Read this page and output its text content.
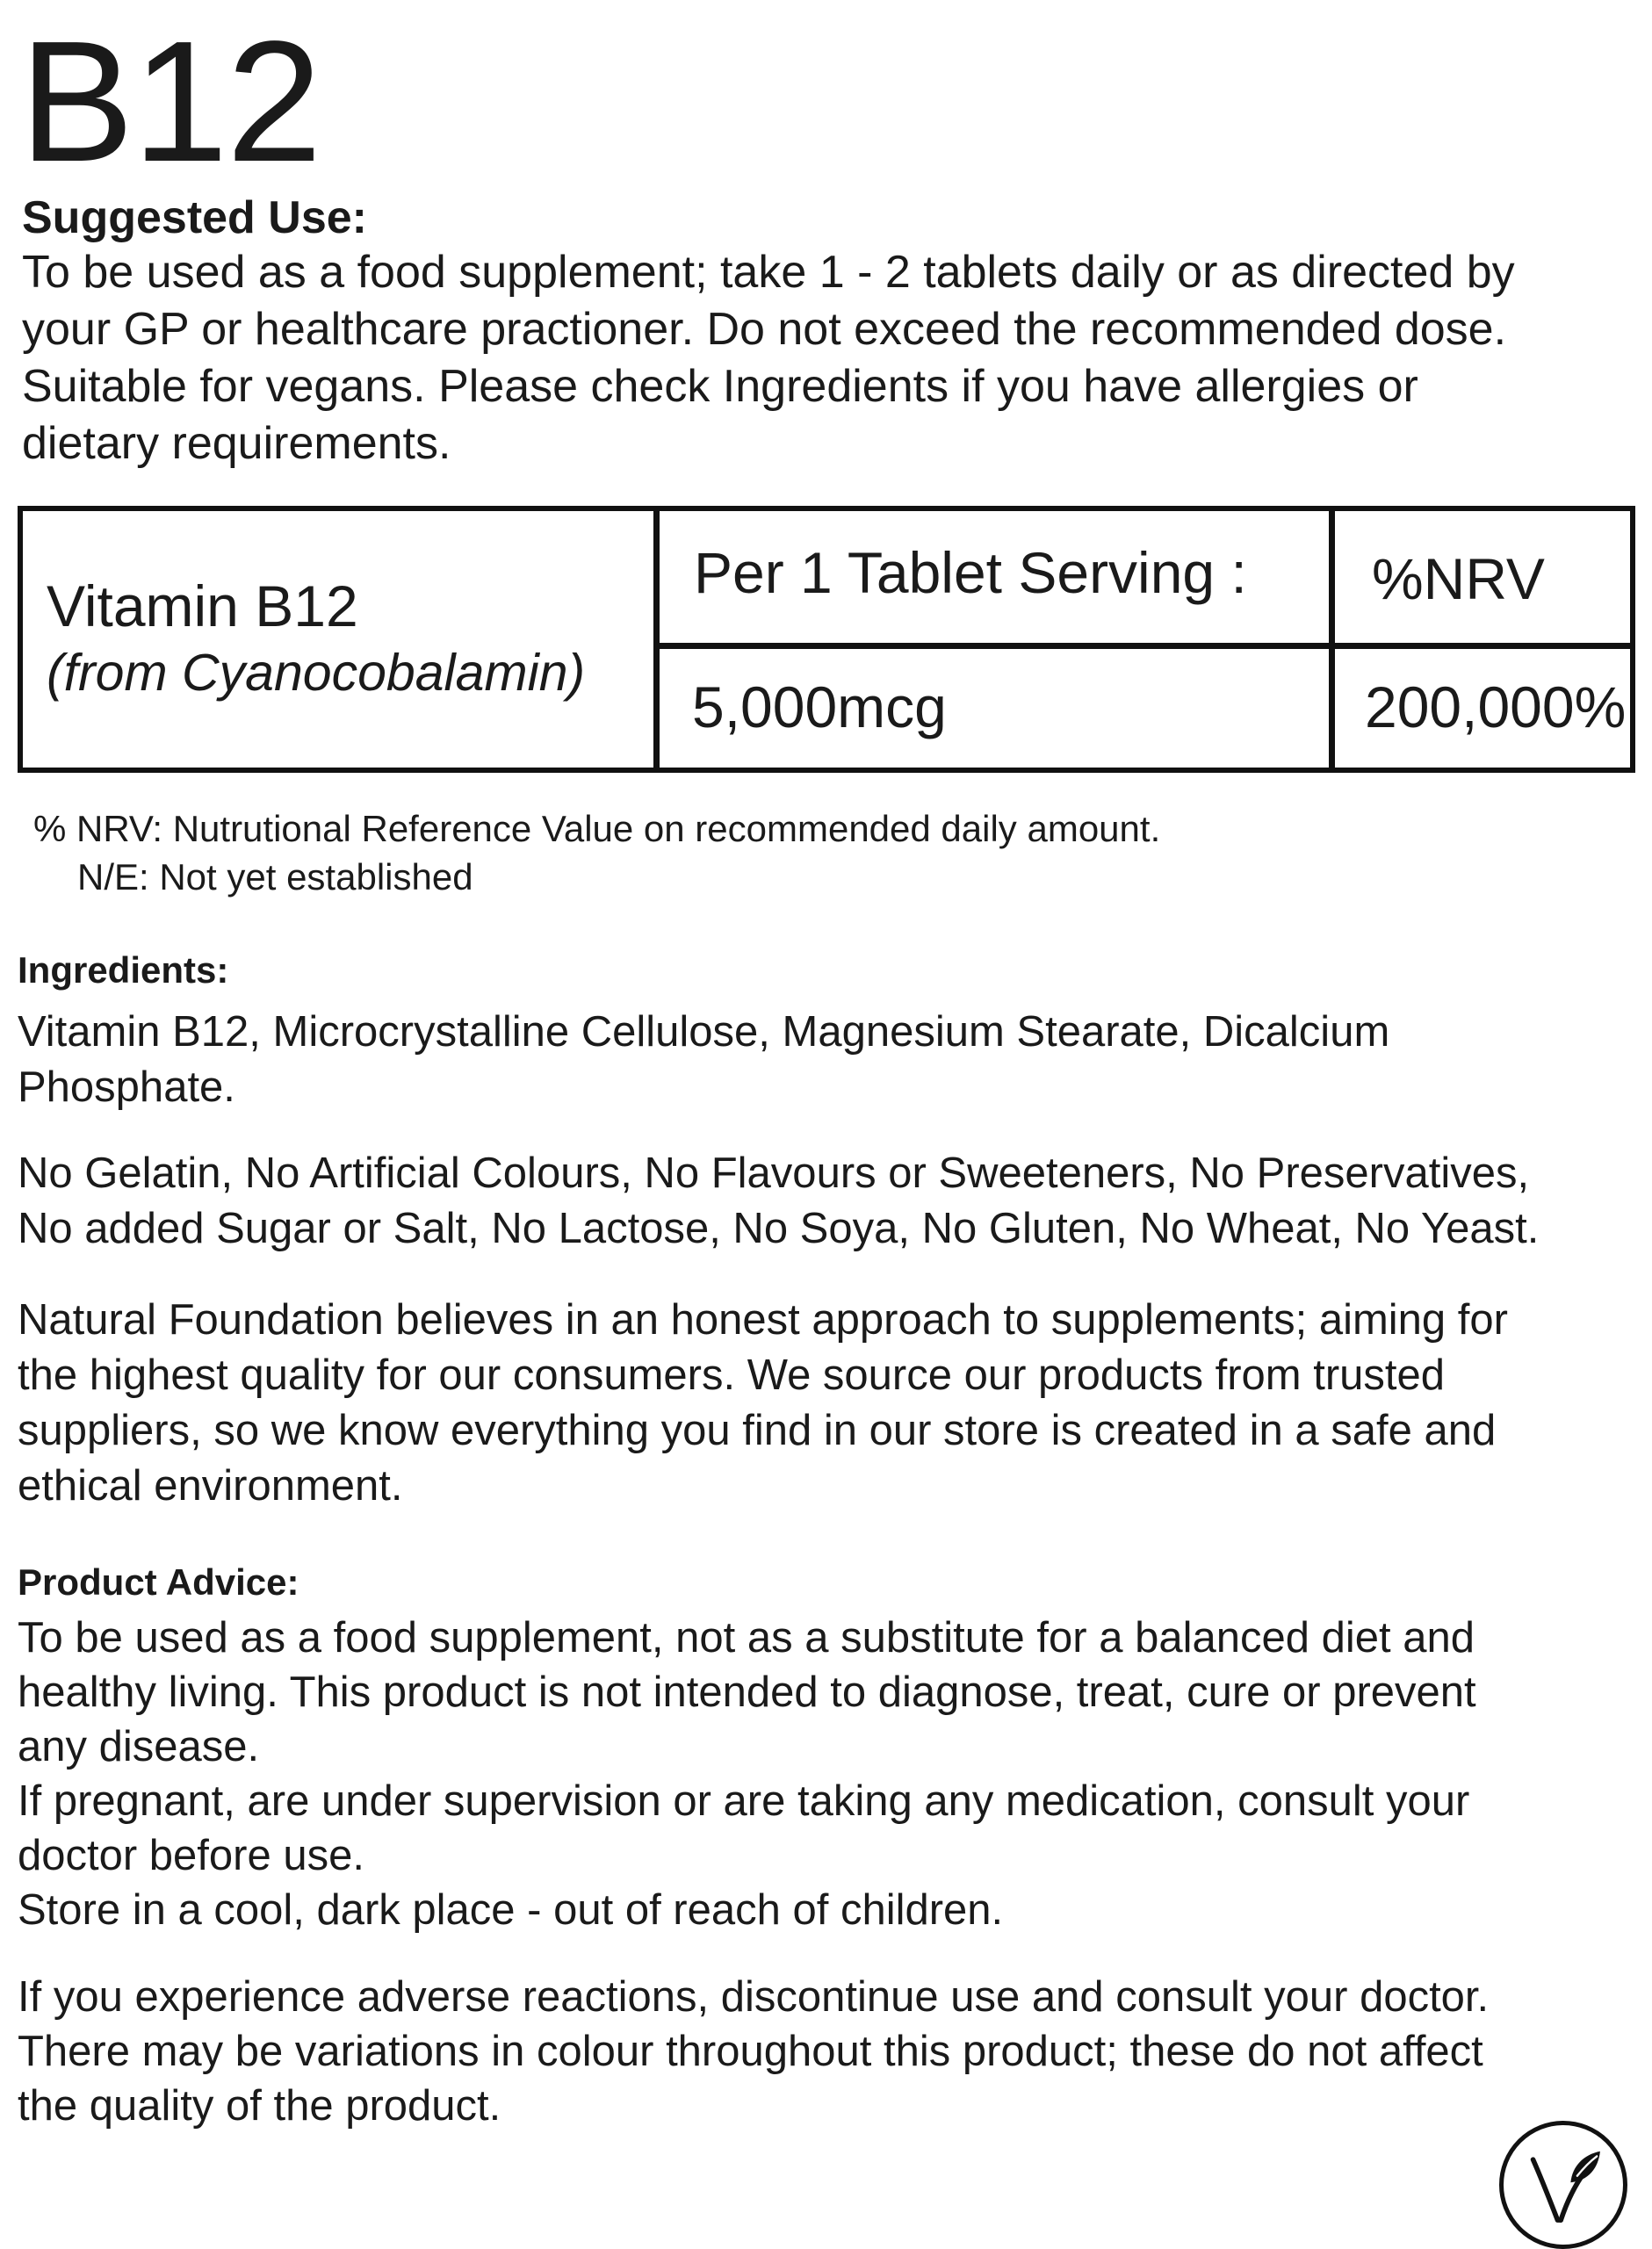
B12
Suggested Use:
To be used as a food supplement; take 1 - 2 tablets daily or as directed by
your GP or healthcare practioner. Do not exceed the recommended dose.
Suitable for vegans. Please check Ingredients if you have allergies or
dietary requirements.
Vitamin B12
(from Cyanocobalamin)
Per 1 Tablet Serving : %NRV
5,000mcg	200,000%
% NRV: Nutrutional Reference Value on recommended daily amount.
N/E: Not yet established
Ingredients:
Vitamin B12, Microcrystalline Cellulose, Magnesium Stearate, Dicalcium
Phosphate.
No Gelatin, No Artificial Colours, No Flavours or Sweeteners, No Preservatives,
No added Sugar or Salt, No Lactose, No Soya, No Gluten, No Wheat, No Yeast.
Natural Foundation believes in an honest approach to supplements; aiming for
the highest quality for our consumers. We source our products from trusted
suppliers, so we know everything you find in our store is created in a safe and
ethical environment.
Product Advice:
To be used as a food supplement, not as a substitute for a balanced diet and
healthy living. This product is not intended to diagnose, treat, cure or prevent
any disease.
If pregnant, are under supervision or are taking any medication, consult your
doctor before use.
Store in a cool, dark place - out of reach of children.
If you experience adverse reactions, discontinue use and consult your doctor.
There may be variations in colour throughout this product; these do not affect
the quality of the product.
